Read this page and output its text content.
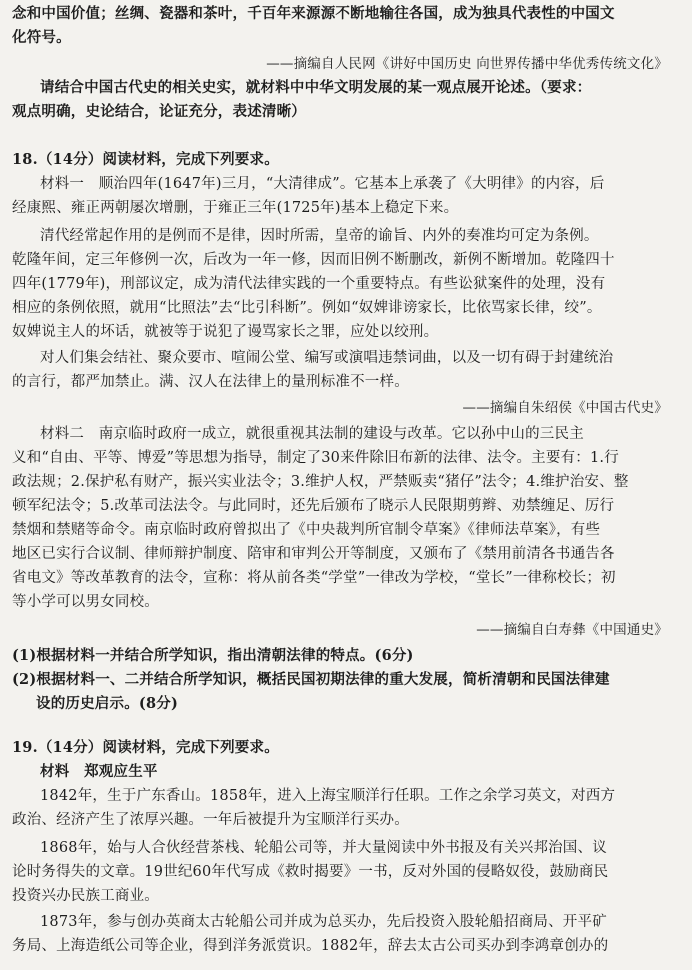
念和中国价值；丝绸、瓷器和茶叶，千百年来源源不断地输往各国，成为独具代表性的中国文
化符号。
——摘编自人民网《讲好中国历史 向世界传播中华优秀传统文化》
请结合中国古代史的相关史实，就材料中中华文明发展的某一观点展开论述。（要求：
观点明确，史论结合，论证充分，表述清晰）
18.（14分）阅读材料，完成下列要求。
材料一　顺治四年(1647年)三月，“大清律成”。它基本上承袭了《大明律》的内容，后
经康熙、雍正两朝屡次增删，于雍正三年(1725年)基本上稳定下来。
清代经常起作用的是例而不是律，因时所需，皇帝的谕旨、内外的奏准均可定为条例。
乾隆年间，定三年修例一次，后改为一年一修，因而旧例不断删改，新例不断增加。乾隆四十
四年(1779年)，刑部议定，成为清代法律实践的一个重要特点。有些讼狱案件的处理，没有
相应的条例依照，就用“比照法”去“比引科断”。例如“奴婢诽谤家长，比依骂家长律，绞”。
奴婢说主人的坏话，就被等于说犯了谩骂家长之罪，应处以绞刑。
对人们集会结社、聚众要市、喧闹公堂、编写或演唱违禁词曲，以及一切有碍于封建统治
的言行，都严加禁止。满、汉人在法律上的量刑标准不一样。
——摘编自朱绍侯《中国古代史》
材料二　南京临时政府一成立，就很重视其法制的建设与改革。它以孙中山的三民主
义和“自由、平等、博爱”等思想为指导，制定了30来件除旧布新的法律、法令。主要有：1.行
政法规；2.保护私有财产，振兴实业法令；3.维护人权，严禁贩卖“猪仔”法令；4.维护治安、整
顿军纪法令；5.改革司法法令。与此同时，还先后颁布了晓示人民限期剪辫、劝禁缠足、厉行
禁烟和禁赌等命令。南京临时政府曾拟出了《中央裁判所官制令草案》《律师法草案》，有些
地区已实行合议制、律师辩护制度、陪审和审判公开等制度，又颁布了《禁用前清各书通告各
省电文》等改革教育的法令，宣称：将从前各类“学堂”一律改为学校，“堂长”一律称校长；初
等小学可以男女同校。
——摘编自白寿彝《中国通史》
(1)根据材料一并结合所学知识，指出清朝法律的特点。(6分)
(2)根据材料一、二并结合所学知识，概括民国初期法律的重大发展，简析清朝和民国法律建
设的历史启示。(8分)
19.（14分）阅读材料，完成下列要求。
材料　郑观应生平
1842年，生于广东香山。1858年，进入上海宝顺洋行任职。工作之余学习英文，对西方
政治、经济产生了浓厚兴趣。一年后被提升为宝顺洋行买办。
1868年，始与人合伙经营茶栈、轮船公司等，并大量阅读中外书报及有关兴邦治国、议
论时务得失的文章。19世纪60年代写成《救时揭要》一书，反对外国的侵略奴役，鼓励商民
投资兴办民族工商业。
1873年，参与创办英商太古轮船公司并成为总买办，先后投资入股轮船招商局、开平矿
务局、上海造纸公司等企业，得到洋务派赏识。1882年，辞去太古公司买办到李鸿章创办的
